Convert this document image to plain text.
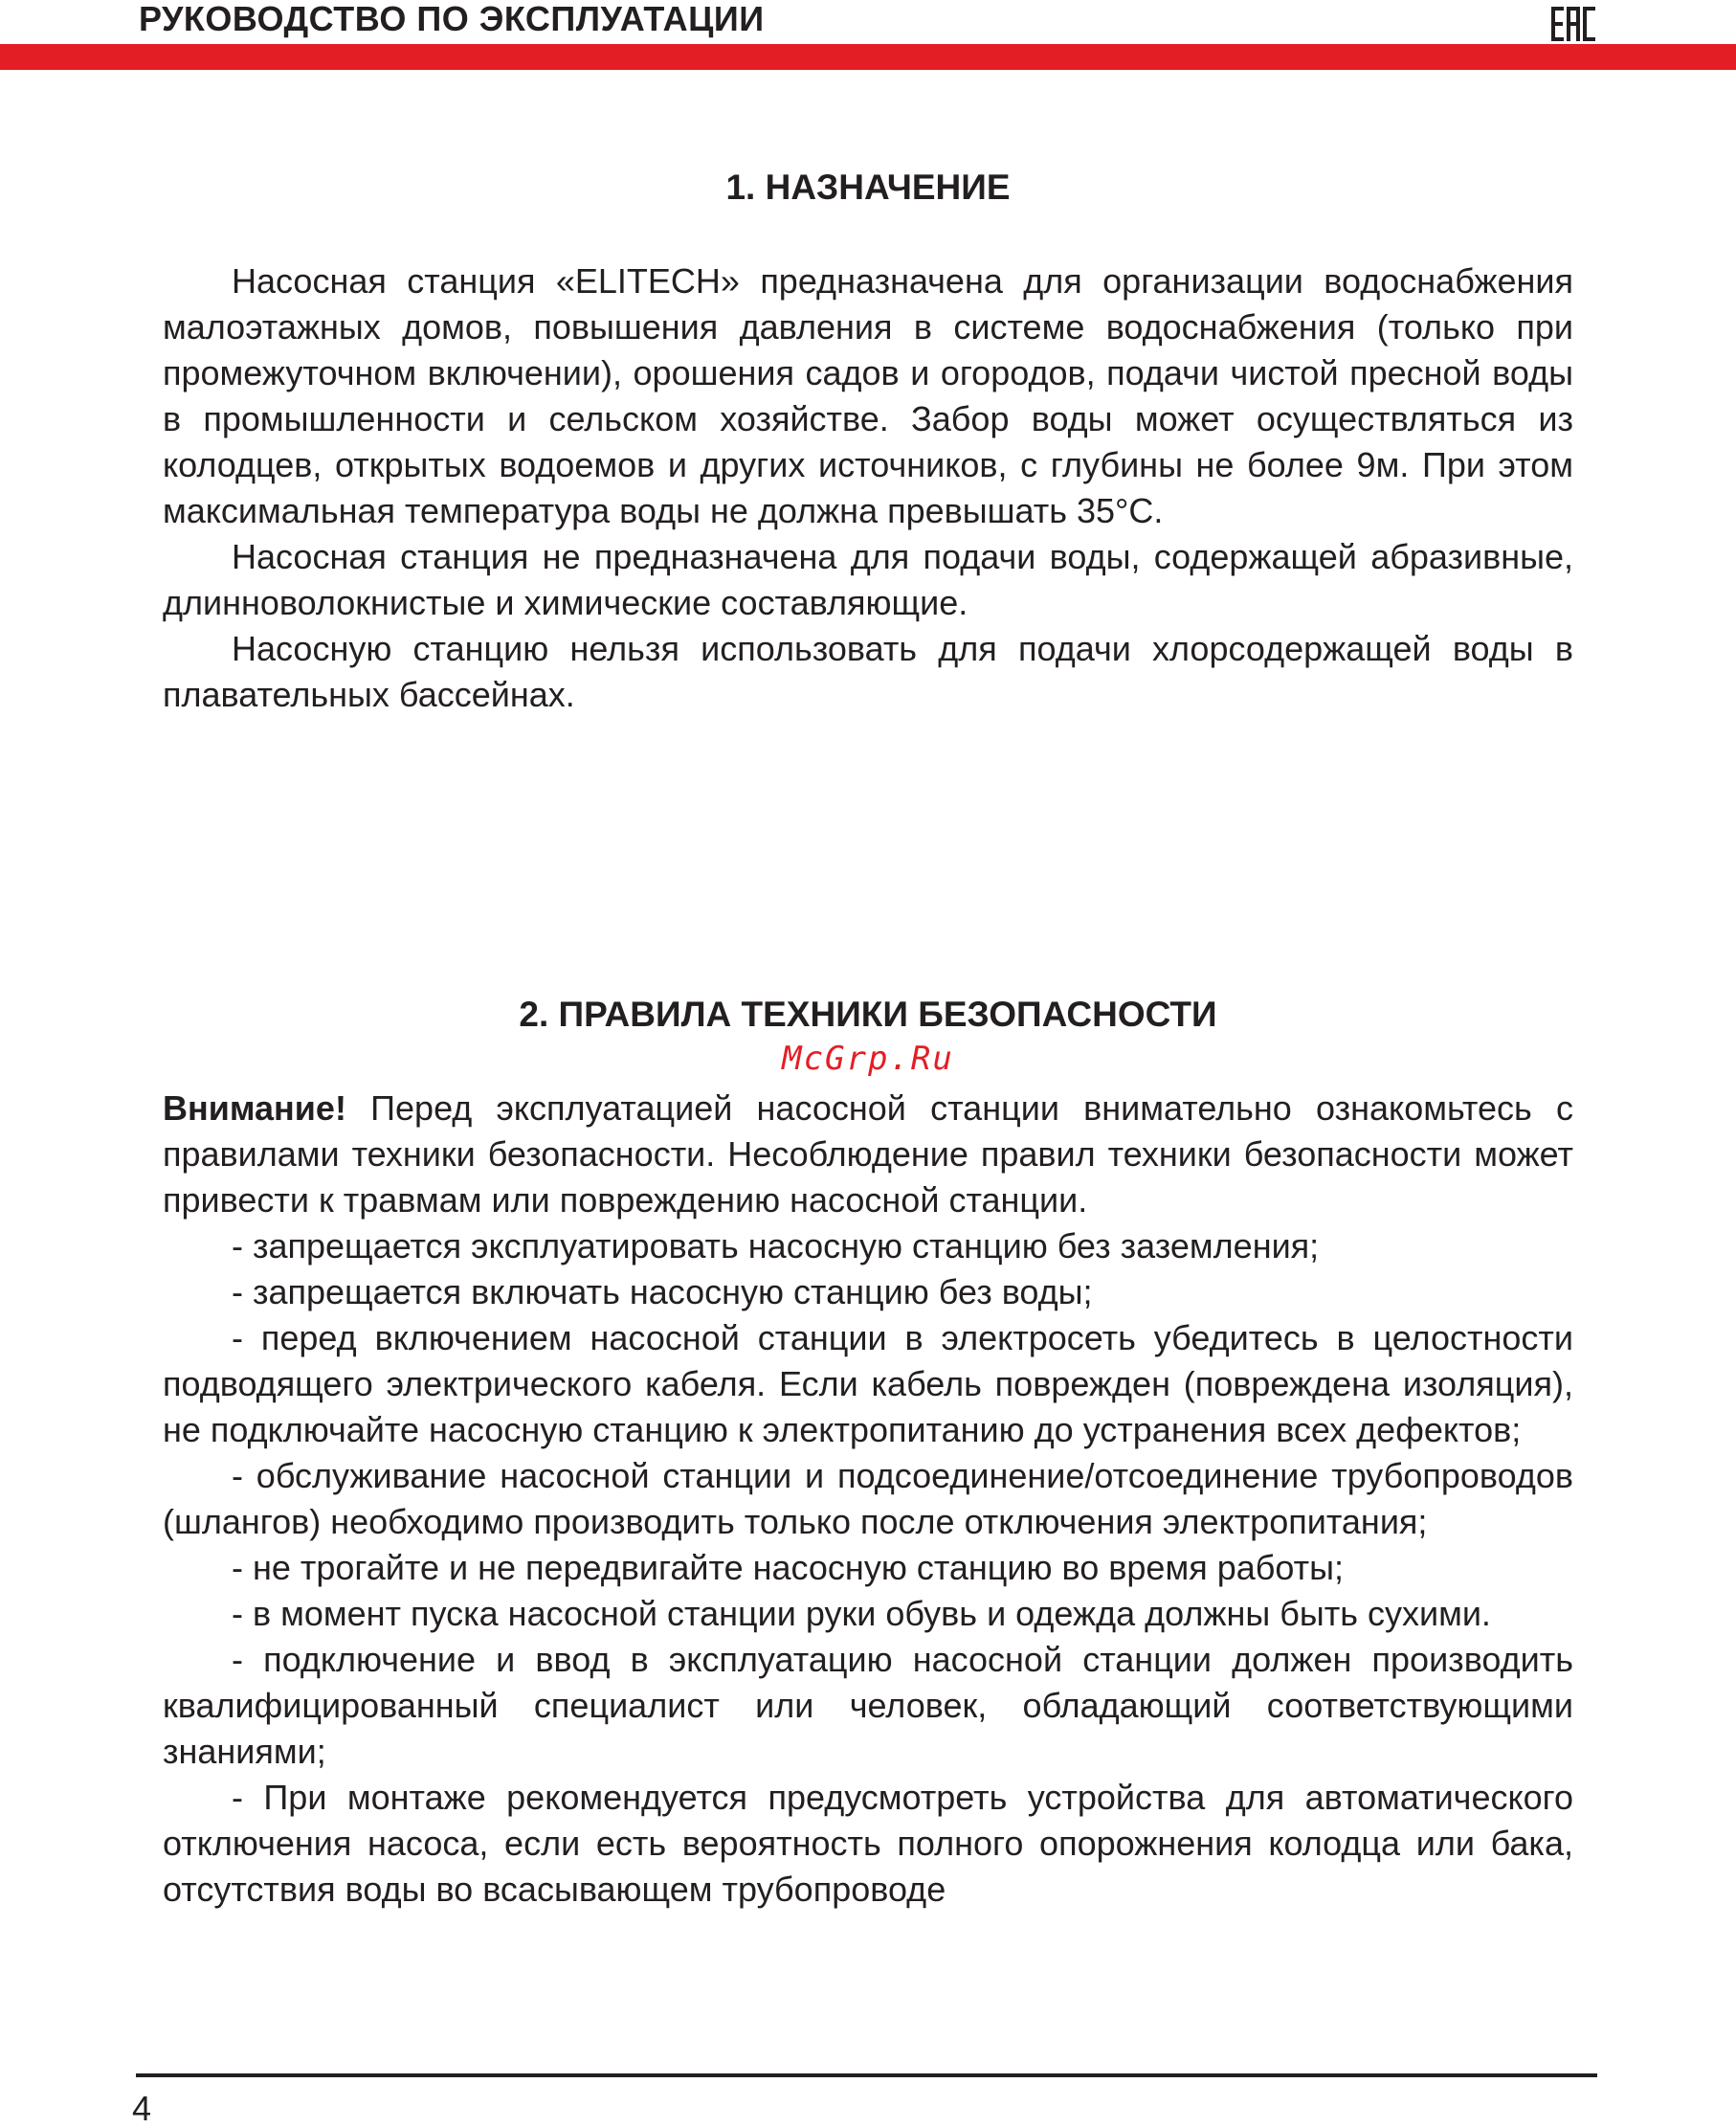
РУКОВОДСТВО ПО ЭКСПЛУАТАЦИИ
1. НАЗНАЧЕНИЕ

Насосная станция «ELITECH» предназначена для организации водоснабжения малоэтажных домов, повышения давления в системе водоснабжения (только при промежуточном включении), орошения садов и огородов, подачи чистой пресной воды в промышленности и сельском хозяйстве. Забор воды может осуществляться из колодцев, открытых водоемов и других источников, с глубины не более 9м. При этом максимальная температура воды не должна превышать 35°С.

Насосная станция не предназначена для подачи воды, содержащей абразивные, длинноволокнистые и химические составляющие.

Насосную станцию нельзя использовать для подачи хлорсодержащей воды в плавательных бассейнах.

2. ПРАВИЛА ТЕХНИКИ БЕЗОПАСНОСТИ
McGrp.Ru

Внимание! Перед эксплуатацией насосной станции внимательно ознакомьтесь с правилами техники безопасности. Несоблюдение правил техники безопасности может привести к травмам или повреждению насосной станции.

- запрещается эксплуатировать насосную станцию без заземления;

- запрещается включать насосную станцию без воды;

- перед включением насосной станции в электросеть убедитесь в целостности подводящего электрического кабеля. Если кабель поврежден (повреждена изоляция), не подключайте насосную станцию к электропитанию до устранения всех дефектов;

- обслуживание насосной станции и подсоединение/отсоединение трубопроводов (шлангов) необходимо производить только после отключения электропитания;

- не трогайте и не передвигайте насосную станцию во время работы;

- в момент пуска насосной станции руки обувь и одежда должны быть сухими.

- подключение и ввод в эксплуатацию насосной станции должен производить квалифицированный специалист или человек, обладающий соответствующими знаниями;

- При монтаже рекомендуется предусмотреть устройства для автоматического отключения насоса, если есть вероятность полного опорожнения колодца или бака, отсутствия воды во всасывающем трубопроводе

4
